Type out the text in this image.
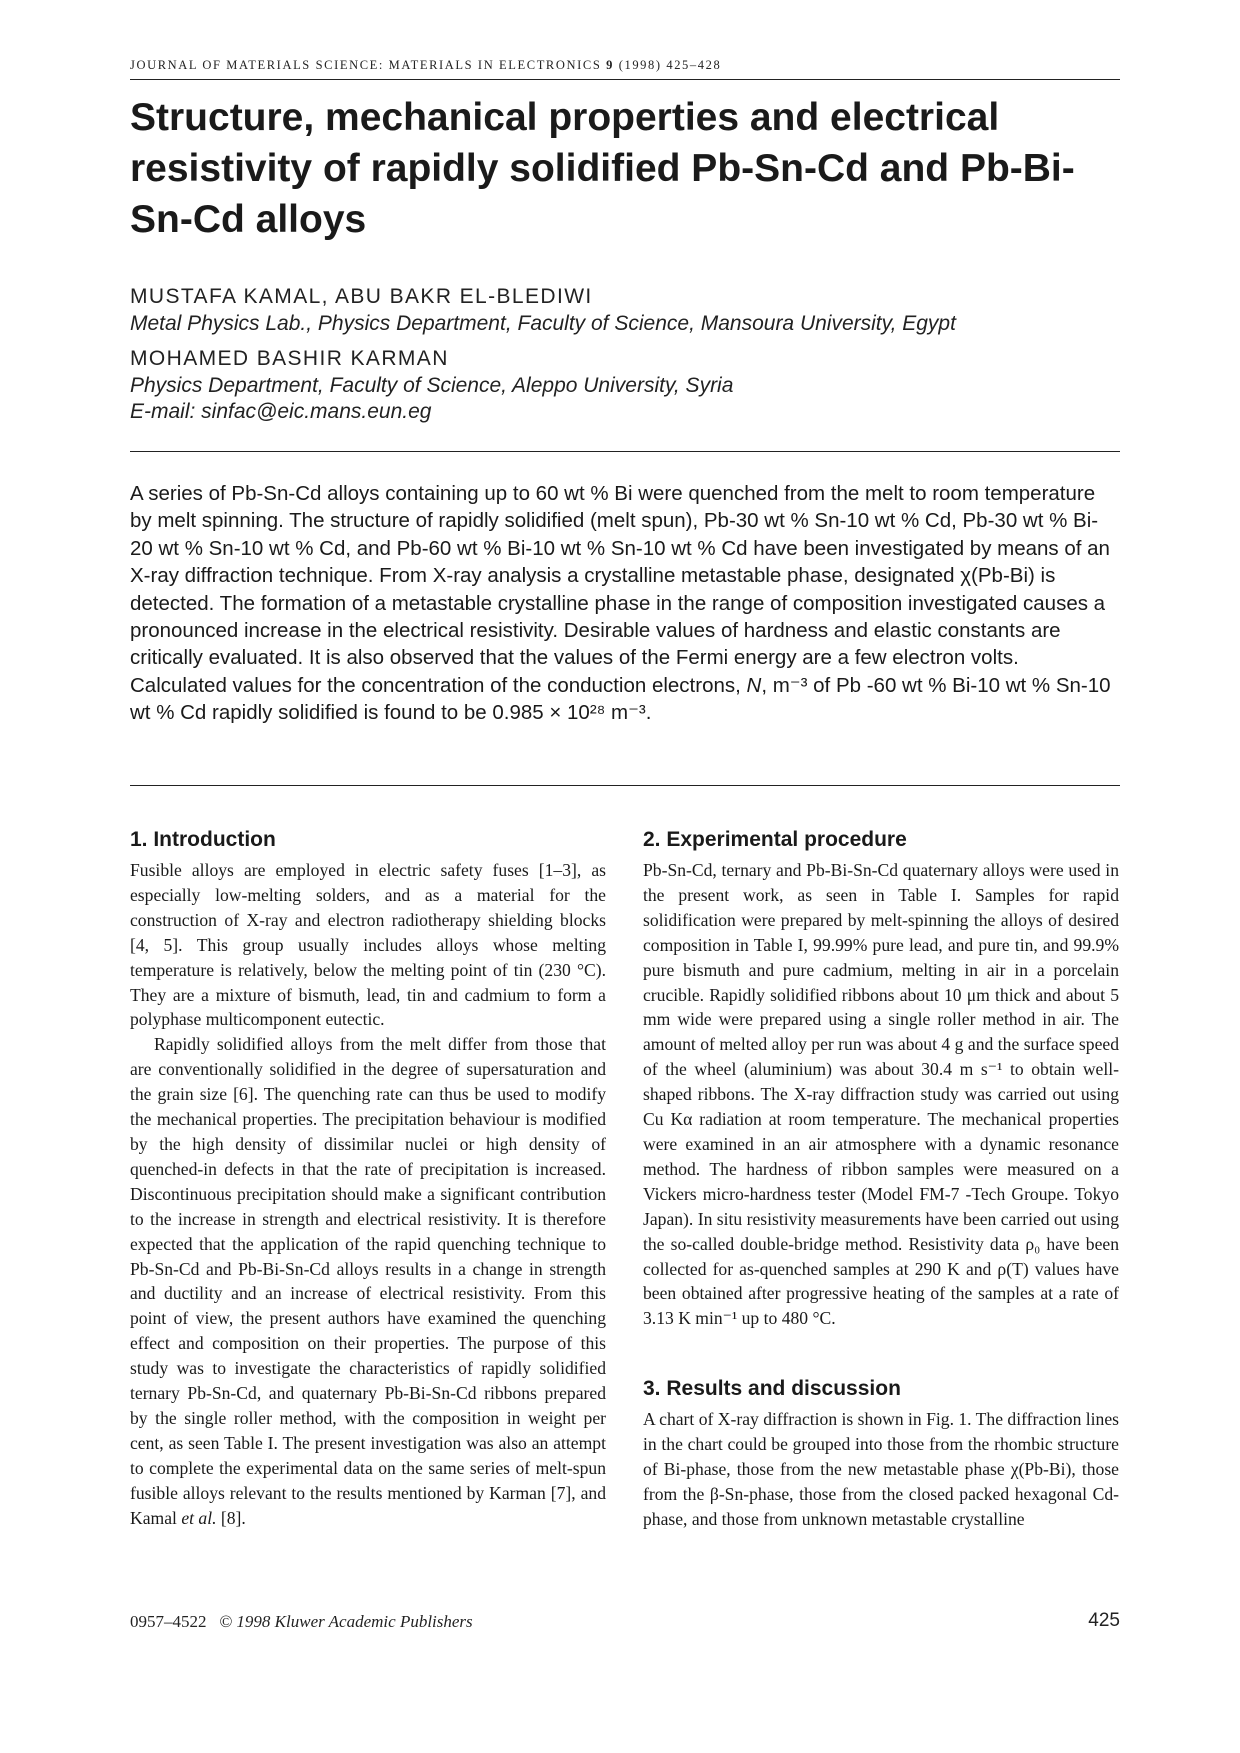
JOURNAL OF MATERIALS SCIENCE: MATERIALS IN ELECTRONICS 9 (1998) 425–428
Structure, mechanical properties and electrical resistivity of rapidly solidified Pb-Sn-Cd and Pb-Bi-Sn-Cd alloys
MUSTAFA KAMAL, ABU BAKR EL-BLEDIWI
Metal Physics Lab., Physics Department, Faculty of Science, Mansoura University, Egypt
MOHAMED BASHIR KARMAN
Physics Department, Faculty of Science, Aleppo University, Syria
E-mail: sinfac@eic.mans.eun.eg
A series of Pb-Sn-Cd alloys containing up to 60 wt % Bi were quenched from the melt to room temperature by melt spinning. The structure of rapidly solidified (melt spun), Pb-30 wt % Sn-10 wt % Cd, Pb-30 wt % Bi-20 wt % Sn-10 wt % Cd, and Pb-60 wt % Bi-10 wt % Sn-10 wt % Cd have been investigated by means of an X-ray diffraction technique. From X-ray analysis a crystalline metastable phase, designated χ(Pb-Bi) is detected. The formation of a metastable crystalline phase in the range of composition investigated causes a pronounced increase in the electrical resistivity. Desirable values of hardness and elastic constants are critically evaluated. It is also observed that the values of the Fermi energy are a few electron volts. Calculated values for the concentration of the conduction electrons, N, m⁻³ of Pb -60 wt % Bi-10 wt % Sn-10 wt % Cd rapidly solidified is found to be 0.985 × 10²⁸ m⁻³.
1. Introduction

Fusible alloys are employed in electric safety fuses [1–3], as especially low-melting solders, and as a material for the construction of X-ray and electron radiotherapy shielding blocks [4, 5]. This group usually includes alloys whose melting temperature is relatively, below the melting point of tin (230 °C). They are a mixture of bismuth, lead, tin and cadmium to form a polyphase multicomponent eutectic.

Rapidly solidified alloys from the melt differ from those that are conventionally solidified in the degree of supersaturation and the grain size [6]. The quenching rate can thus be used to modify the mechanical properties. The precipitation behaviour is modified by the high density of dissimilar nuclei or high density of quenched-in defects in that the rate of precipitation is increased. Discontinuous precipitation should make a significant contribution to the increase in strength and electrical resistivity. It is therefore expected that the application of the rapid quenching technique to Pb-Sn-Cd and Pb-Bi-Sn-Cd alloys results in a change in strength and ductility and an increase of electrical resistivity. From this point of view, the present authors have examined the quenching effect and composition on their properties. The purpose of this study was to investigate the characteristics of rapidly solidified ternary Pb-Sn-Cd, and quaternary Pb-Bi-Sn-Cd ribbons prepared by the single roller method, with the composition in weight per cent, as seen Table I. The present investigation was also an attempt to complete the experimental data on the same series of melt-spun fusible alloys relevant to the results mentioned by Karman [7], and Kamal et al. [8].

2. Experimental procedure

Pb-Sn-Cd, ternary and Pb-Bi-Sn-Cd quaternary alloys were used in the present work, as seen in Table I. Samples for rapid solidification were prepared by melt-spinning the alloys of desired composition in Table I, 99.99% pure lead, and pure tin, and 99.9% pure bismuth and pure cadmium, melting in air in a porcelain crucible. Rapidly solidified ribbons about 10 μm thick and about 5 mm wide were prepared using a single roller method in air. The amount of melted alloy per run was about 4 g and the surface speed of the wheel (aluminium) was about 30.4 m s⁻¹ to obtain well-shaped ribbons. The X-ray diffraction study was carried out using Cu Kα radiation at room temperature. The mechanical properties were examined in an air atmosphere with a dynamic resonance method. The hardness of ribbon samples were measured on a Vickers micro-hardness tester (Model FM-7 -Tech Groupe. Tokyo Japan). In situ resistivity measurements have been carried out using the so-called double-bridge method. Resistivity data ρ₀ have been collected for as-quenched samples at 290 K and ρ(T) values have been obtained after progressive heating of the samples at a rate of 3.13 K min⁻¹ up to 480 °C.

3. Results and discussion

A chart of X-ray diffraction is shown in Fig. 1. The diffraction lines in the chart could be grouped into those from the rhombic structure of Bi-phase, those from the new metastable phase χ(Pb-Bi), those from the β-Sn-phase, those from the closed packed hexagonal Cd-phase, and those from unknown metastable crystalline

0957–4522 © 1998 Kluwer Academic Publishers	425
